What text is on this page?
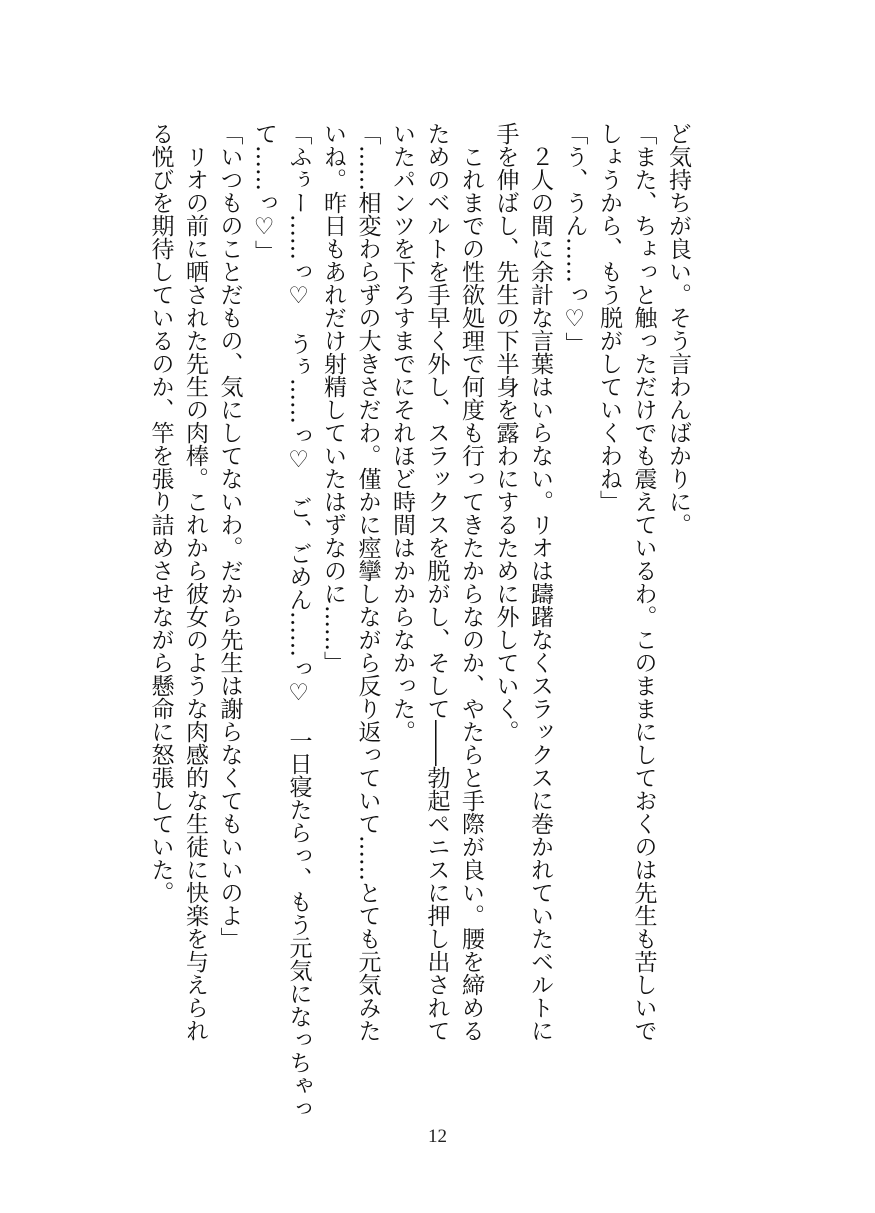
ど気持ちが良い。そう言わんばかりに。

「また、ちょっと触っただけでも震えているわ。このままにしておくのは先生も苦しいで

しょうから、もう脱がしていくわね」

「う、うん……っ♡」

　２人の間に余計な言葉はいらない。リオは躊躇なくスラックスに巻かれていたベルトに

手を伸ばし、先生の下半身を露わにするために外していく。

　これまでの性欲処理で何度も行ってきたからなのか、やたらと手際が良い。腰を締める

ためのベルトを手早く外し、スラックスを脱がし、そして――勃起ペニスに押し出されて

いたパンツを下ろすまでにそれほど時間はかからなかった。

「……相変わらずの大きさだわ。僅かに痙攣しながら反り返っていて……とても元気みた

いね。昨日もあれだけ射精していたはずなのに……」

「ふぅー……っ♡　うぅ……っ♡　ご、ごめん……っ♡　一日寝たらっ、もう元気になっちゃっ

て……っ♡」

「いつものことだもの、気にしてないわ。だから先生は謝らなくてもいいのよ」

　リオの前に晒された先生の肉棒。これから彼女のような肉感的な生徒に快楽を与えられ

る悦びを期待しているのか、竿を張り詰めさせながら懸命に怒張していた。

12
